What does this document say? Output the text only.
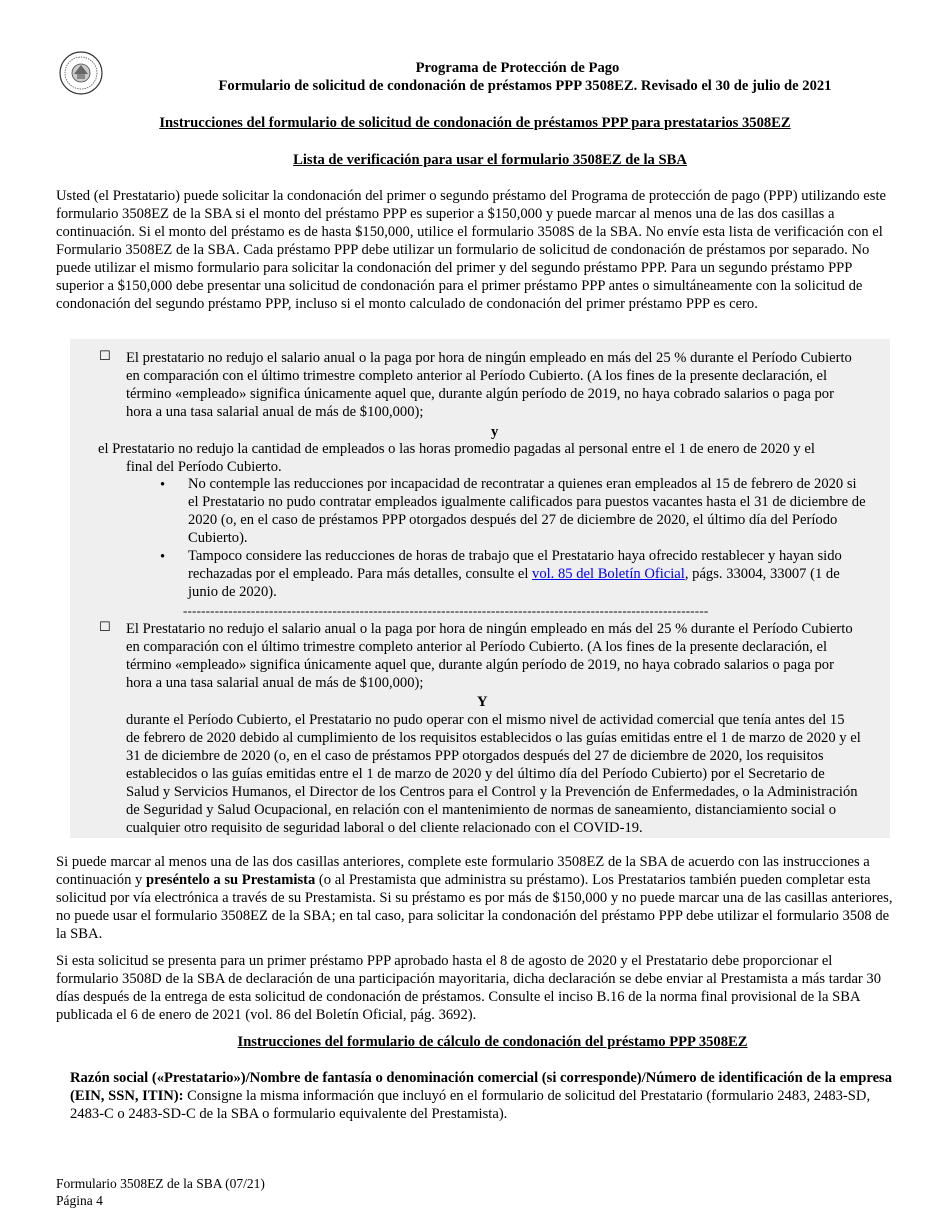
Programa de Protección de Pago
Formulario de solicitud de condonación de préstamos PPP 3508EZ. Revisado el 30 de julio de 2021
Instrucciones del formulario de solicitud de condonación de préstamos PPP para prestatarios 3508EZ
Lista de verificación para usar el formulario 3508EZ de la SBA
Usted (el Prestatario) puede solicitar la condonación del primer o segundo préstamo del Programa de protección de pago (PPP) utilizando este formulario 3508EZ de la SBA si el monto del préstamo PPP es superior a $150,000 y puede marcar al menos una de las dos casillas a continuación. Si el monto del préstamo es de hasta $150,000, utilice el formulario 3508S de la SBA. No envíe esta lista de verificación con el Formulario 3508EZ de la SBA. Cada préstamo PPP debe utilizar un formulario de solicitud de condonación de préstamos por separado. No puede utilizar el mismo formulario para solicitar la condonación del primer y del segundo préstamo PPP. Para un segundo préstamo PPP superior a $150,000 debe presentar una solicitud de condonación para el primer préstamo PPP antes o simultáneamente con la solicitud de condonación del segundo préstamo PPP, incluso si el monto calculado de condonación del primer préstamo PPP es cero.
☐ El prestatario no redujo el salario anual o la paga por hora de ningún empleado en más del 25 % durante el Período Cubierto en comparación con el último trimestre completo anterior al Período Cubierto. (A los fines de la presente declaración, el término «empleado» significa únicamente aquel que, durante algún período de 2019, no haya cobrado salarios o paga por hora a una tasa salarial anual de más de $100,000);
y
el Prestatario no redujo la cantidad de empleados o las horas promedio pagadas al personal entre el 1 de enero de 2020 y el
final del Período Cubierto.
• No contemple las reducciones por incapacidad de recontratar a quienes eran empleados al 15 de febrero de 2020 si el Prestatario no pudo contratar empleados igualmente calificados para puestos vacantes hasta el 31 de diciembre de 2020 (o, en el caso de préstamos PPP otorgados después del 27 de diciembre de 2020, el último día del Período Cubierto).
• Tampoco considere las reducciones de horas de trabajo que el Prestatario haya ofrecido restablecer y hayan sido rechazadas por el empleado. Para más detalles, consulte el vol. 85 del Boletín Oficial, págs. 33004, 33007 (1 de junio de 2020).
--------------------------------------------------------------------------------------------------------------------
☐ El Prestatario no redujo el salario anual o la paga por hora de ningún empleado en más del 25 % durante el Período Cubierto en comparación con el último trimestre completo anterior al Período Cubierto. (A los fines de la presente declaración, el término «empleado» significa únicamente aquel que, durante algún período de 2019, no haya cobrado salarios o paga por hora a una tasa salarial anual de más de $100,000);
Y
durante el Período Cubierto, el Prestatario no pudo operar con el mismo nivel de actividad comercial que tenía antes del 15 de febrero de 2020 debido al cumplimiento de los requisitos establecidos o las guías emitidas entre el 1 de marzo de 2020 y el 31 de diciembre de 2020 (o, en el caso de préstamos PPP otorgados después del 27 de diciembre de 2020, los requisitos establecidos o las guías emitidas entre el 1 de marzo de 2020 y del último día del Período Cubierto) por el Secretario de Salud y Servicios Humanos, el Director de los Centros para el Control y la Prevención de Enfermedades, o la Administración de Seguridad y Salud Ocupacional, en relación con el mantenimiento de normas de saneamiento, distanciamiento social o cualquier otro requisito de seguridad laboral o del cliente relacionado con el COVID-19.
Si puede marcar al menos una de las dos casillas anteriores, complete este formulario 3508EZ de la SBA de acuerdo con las instrucciones a continuación y preséntelo a su Prestamista (o al Prestamista que administra su préstamo). Los Prestatarios también pueden completar esta solicitud por vía electrónica a través de su Prestamista. Si su préstamo es por más de $150,000 y no puede marcar una de las casillas anteriores, no puede usar el formulario 3508EZ de la SBA; en tal caso, para solicitar la condonación del préstamo PPP debe utilizar el formulario 3508 de la SBA.
Si esta solicitud se presenta para un primer préstamo PPP aprobado hasta el 8 de agosto de 2020 y el Prestatario debe proporcionar el formulario 3508D de la SBA de declaración de una participación mayoritaria, dicha declaración se debe enviar al Prestamista a más tardar 30 días después de la entrega de esta solicitud de condonación de préstamos. Consulte el inciso B.16 de la norma final provisional de la SBA publicada el 6 de enero de 2021 (vol. 86 del Boletín Oficial, pág. 3692).
Instrucciones del formulario de cálculo de condonación del préstamo PPP 3508EZ
Razón social («Prestatario»)/Nombre de fantasía o denominación comercial (si corresponde)/Número de identificación de la empresa (EIN, SSN, ITIN): Consigne la misma información que incluyó en el formulario de solicitud del Prestatario (formulario 2483, 2483-SD, 2483-C o 2483-SD-C de la SBA o formulario equivalente del Prestamista).
Formulario 3508EZ de la SBA (07/21)
Página 4
